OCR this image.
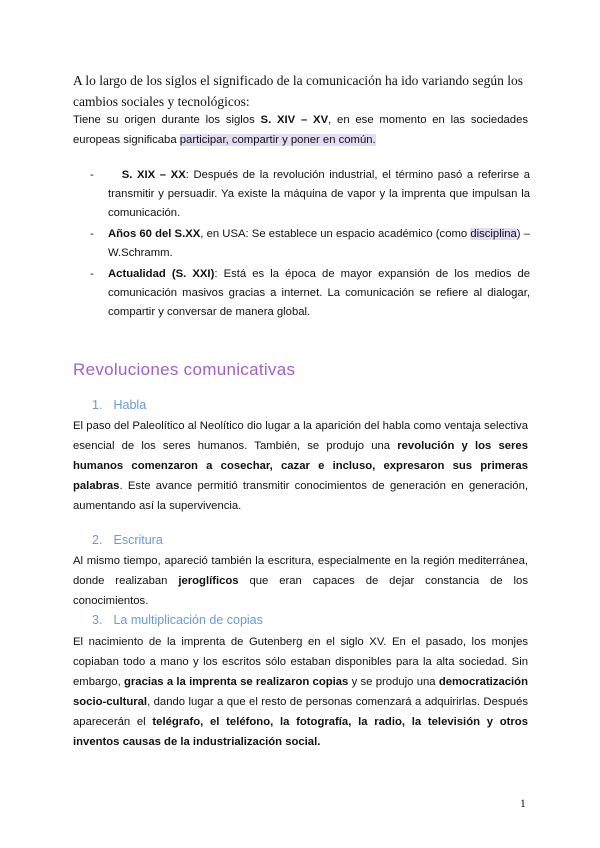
A lo largo de los siglos el significado de la comunicación ha ido variando según los cambios sociales y tecnológicos:
Tiene su origen durante los siglos S. XIV – XV, en ese momento en las sociedades europeas significaba participar, compartir y poner en común.
- S. XIX – XX: Después de la revolución industrial, el término pasó a referirse a transmitir y persuadir. Ya existe la máquina de vapor y la imprenta que impulsan la comunicación.
- Años 60 del S.XX, en USA: Se establece un espacio académico (como disciplina) – W.Schramm.
- Actualidad (S. XXI): Está es la época de mayor expansión de los medios de comunicación masivos gracias a internet. La comunicación se refiere al dialogar, compartir y conversar de manera global.
Revoluciones comunicativas
1. Habla
El paso del Paleolítico al Neolítico dio lugar a la aparición del habla como ventaja selectiva esencial de los seres humanos. También, se produjo una revolución y los seres humanos comenzaron a cosechar, cazar e incluso, expresaron sus primeras palabras. Este avance permitió transmitir conocimientos de generación en generación, aumentando así la supervivencia.
2. Escritura
Al mismo tiempo, apareció también la escritura, especialmente en la región mediterránea, donde realizaban jeroglíficos que eran capaces de dejar constancia de los conocimientos.
3. La multiplicación de copias
El nacimiento de la imprenta de Gutenberg en el siglo XV. En el pasado, los monjes copiaban todo a mano y los escritos sólo estaban disponibles para la alta sociedad. Sin embargo, gracias a la imprenta se realizaron copias y se produjo una democratización socio-cultural, dando lugar a que el resto de personas comenzará a adquirirlas. Después aparecerán el telégrafo, el teléfono, la fotografía, la radio, la televisión y otros inventos causas de la industrialización social.
1
